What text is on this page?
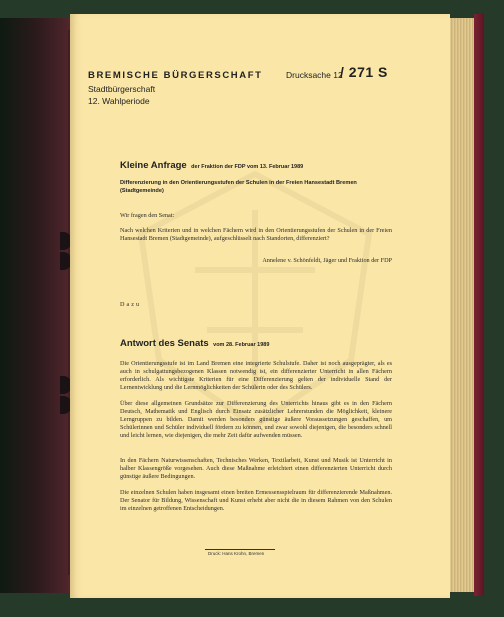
BREMISCHE BÜRGERSCHAFT
Stadtbürgerschaft
12. Wahlperiode
Drucksache 12
/ 271 S
Kleine Anfrage der Fraktion der FDP vom 13. Februar 1989
Differenzierung in den Orientierungsstufen der Schulen in der Freien Hansestadt Bremen (Stadtgemeinde)
Wir fragen den Senat:
Nach welchen Kriterien und in welchen Fächern wird in den Orientierungsstufen der Schulen in der Freien Hansestadt Bremen (Stadtgemeinde), aufgeschlüsselt nach Standorten, differenziert?
Annelene v. Schönfeldt, Jäger und Fraktion der FDP
Dazu
Antwort des Senats vom 28. Februar 1989
Die Orientierungsstufe ist im Land Bremen eine integrierte Schulstufe. Daher ist noch ausgeprägter, als es auch in schulgattungsbezogenen Klassen notwendig ist, ein differenzierter Unterricht in allen Fächern erforderlich. Als wichtigste Kriterien für eine Differenzierung gelten der individuelle Stand der Lernentwicklung und die Lernmöglichkeiten der Schülerin oder des Schülers.
Über diese allgemeinen Grundsätze zur Differenzierung des Unterrichts hinaus gibt es in den Fächern Deutsch, Mathematik und Englisch durch Einsatz zusätzlicher Lehrerstunden die Möglichkeit, kleinere Lerngruppen zu bilden. Damit werden besonders günstige äußere Voraussetzungen geschaffen, um Schülerinnen und Schüler individuell fördern zu können, und zwar sowohl diejenigen, die besonders schnell und leicht lernen, wie diejenigen, die mehr Zeit dafür aufwenden müssen.
In den Fächern Naturwissenschaften, Technisches Werken, Textilarbeit, Kunst und Musik ist Unterricht in halber Klassengröße vorgesehen. Auch diese Maßnahme erleichtert einen differenzierten Unterricht durch günstige äußere Bedingungen.
Die einzelnen Schulen haben insgesamt einen breiten Ermessensspielraum für differenzierende Maßnahmen. Der Senator für Bildung, Wissenschaft und Kunst erhebt aber nicht die in diesem Rahmen von den Schulen im einzelnen getroffenen Entscheidungen.
Druck: Hans Krohn, Bremen
